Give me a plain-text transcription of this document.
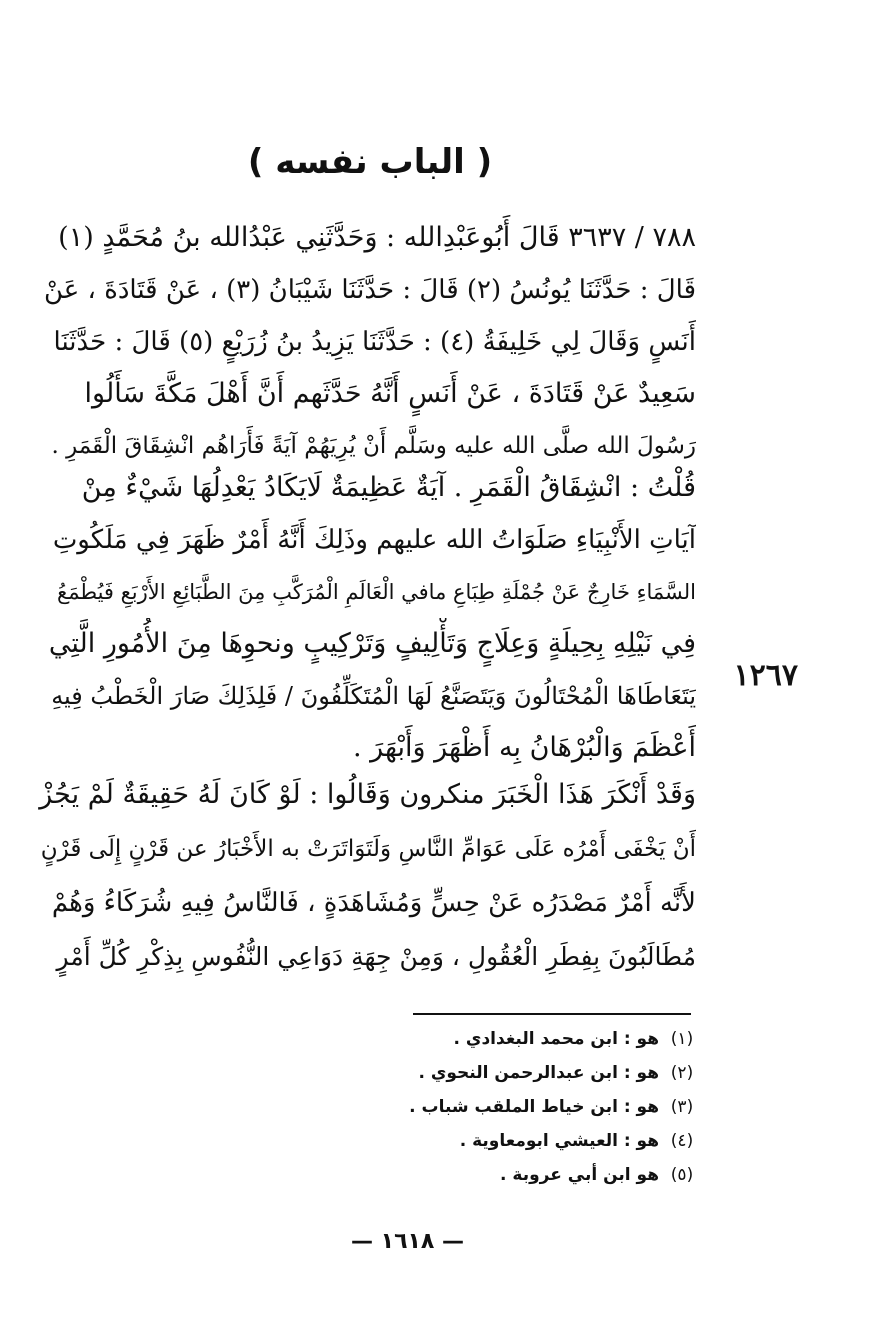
( الباب نفسه )
٧٨٨ / ٣٦٣٧ قَالَ أَبُوعَبْدِالله : وَحَدَّثَنِي عَبْدُالله بنُ مُحَمَّدٍ (١)
قَالَ : حَدَّثَنَا يُونُسُ (٢) قَالَ : حَدَّثَنَا شَيْبَانُ (٣) ، عَنْ قَتَادَةَ ، عَنْ
أَنَسٍ وَقَالَ لِي خَلِيفَةُ (٤) : حَدَّثَنَا يَزِيدُ بنُ زُرَيْعٍ (٥) قَالَ : حَدَّثَنَا
سَعِيدٌ عَنْ قَتَادَةَ ، عَنْ أَنَسٍ أَنَّهُ حَدَّثَهم أَنَّ أَهْلَ مَكَّةَ سَأَلُوا
رَسُولَ الله صلَّى الله عليه وسَلَّم أَنْ يُرِيَهُمْ آيَةً فَأَرَاهُم انْشِقَاقَ الْقَمَرِ .
قُلْتُ : انْشِقَاقُ الْقَمَرِ . آيَةٌ عَظِيمَةٌ لَايَكَادُ يَعْدِلُهَا شَيْءٌ مِنْ
آيَاتِ الأَنْبِيَاءِ صَلَوَاتُ الله عليهم وذَلِكَ أَنَّهُ أَمْرٌ ظَهَرَ فِي مَلَكُوتِ
السَّمَاءِ خَارِجٌ عَنْ جُمْلَةِ طِبَاعِ مافي الْعَالَمِ الْمُرَكَّبِ مِنَ الطَّبَائِعِ الأَرْبَعِ فَيُطْمَعُ
فِي نَيْلِهِ بِحِيلَةٍ وَعِلَاجٍ وَتَأْلِيفٍ وَتَرْكِيبٍ ونحوِهَا مِنَ الأُمُورِ الَّتِي
يَتَعَاطَاهَا الْمُحْتَالُونَ وَيَتَصَنَّعُ لَهَا الْمُتَكَلِّفُونَ / فَلِذَلِكَ صَارَ الْخَطْبُ فِيهِ
أَعْظَمَ وَالْبُرْهَانُ بِه أَظْهَرَ وَأَبْهَرَ .
١٢٦٧
وَقَدْ أَنْكَرَ هَذَا الْخَبَرَ منكرون وَقَالُوا : لَوْ كَانَ لَهُ حَقِيقَةٌ لَمْ يَجُزْ
أَنْ يَخْفَى أَمْرُه عَلَى عَوَامِّ النَّاسِ وَلَتَوَاتَرَتْ به الأَخْبَارُ عن قَرْنٍ إِلَى قَرْنٍ
لأَنَّه أَمْرٌ مَصْدَرُه عَنْ حِسٍّ وَمُشَاهَدَةٍ ، فَالنَّاسُ فِيهِ شُرَكَاءُ وَهُمْ
مُطَالَبُونَ بِفِطَرِ الْعُقُولِ ، وَمِنْ جِهَةِ دَوَاعِي النُّفُوسِ بِذِكْرِ كُلِّ أَمْرٍ
(١)
هو : ابن محمد البغدادي .
(٢)
هو : ابن عبدالرحمن النحوي .
(٣)
هو : ابن خياط الملقب شباب .
(٤)
هو : العيشي ابومعاوية .
(٥)
هو ابن أبي عروبة .
— ١٦١٨ —
